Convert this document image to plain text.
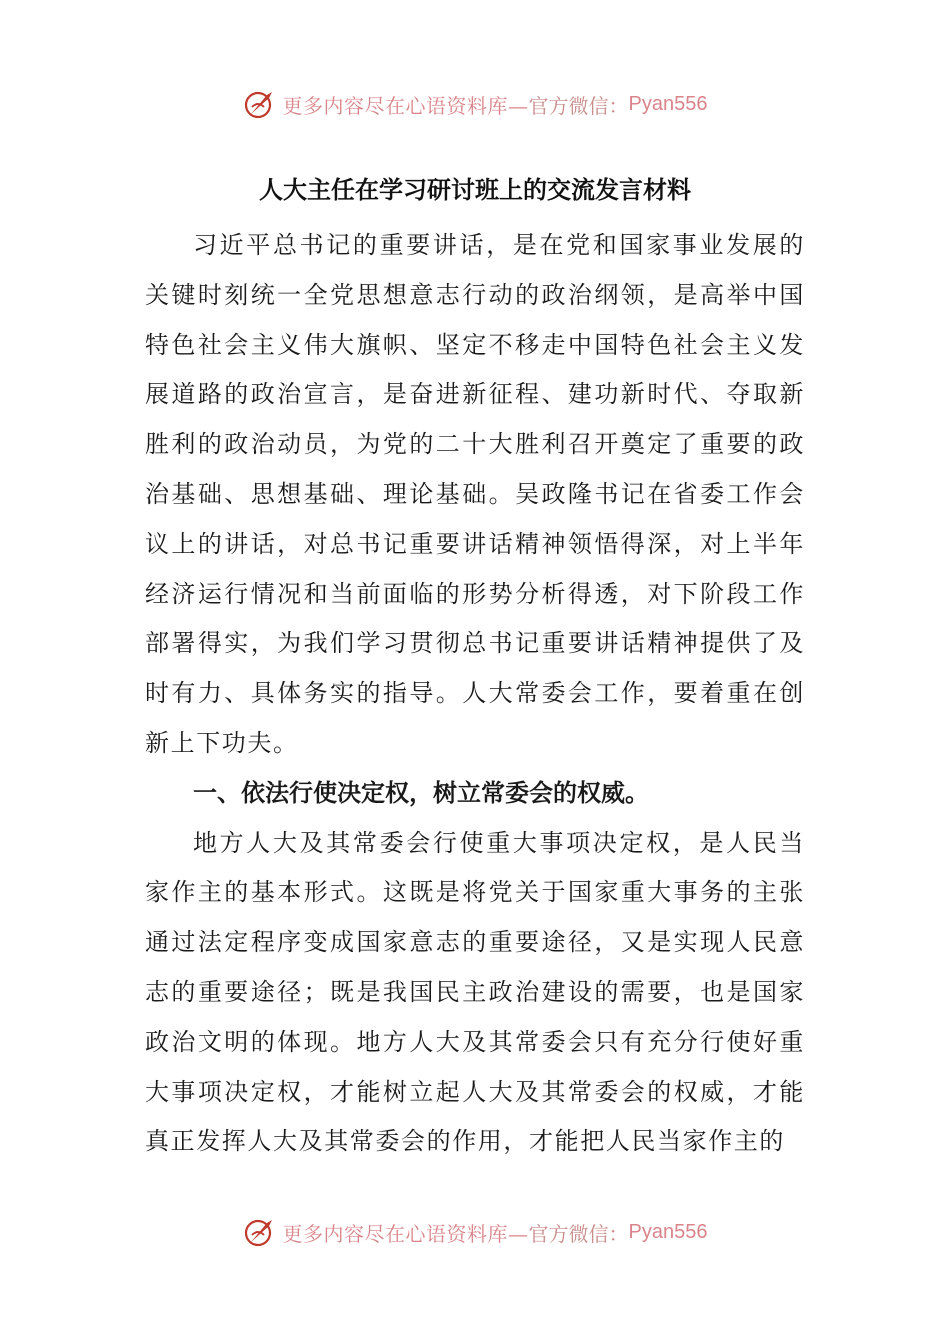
更多内容尽在心语资料库— 官方微信： Pyan556
人大主任在学习研讨班上的交流发言材料

习近平总书记的重要讲话，是在党和国家事业发展的关键时刻统一全党思想意志行动的政治纲领，是高举中国特色社会主义伟大旗帜、坚定不移走中国特色社会主义发展道路的政治宣言，是奋进新征程、建功新时代、夺取新胜利的政治动员，为党的二十大胜利召开奠定了重要的政治基础、思想基础、理论基础。吴政隆书记在省委工作会议上的讲话，对总书记重要讲话精神领悟得深，对上半年经济运行情况和当前面临的形势分析得透，对下阶段工作部署得实，为我们学习贯彻总书记重要讲话精神提供了及时有力、具体务实的指导。人大常委会工作，要着重在创新上下功夫。

一、依法行使决定权，树立常委会的权威。

地方人大及其常委会行使重大事项决定权，是人民当家作主的基本形式。这既是将党关于国家重大事务的主张通过法定程序变成国家意志的重要途径，又是实现人民意志的重要途径；既是我国民主政治建设的需要，也是国家政治文明的体现。地方人大及其常委会只有充分行使好重大事项决定权，才能树立起人大及其常委会的权威，才能真正发挥人大及其常委会的作用，才能把人民当家作主的

更多内容尽在心语资料库— 官方微信： Pyan556
